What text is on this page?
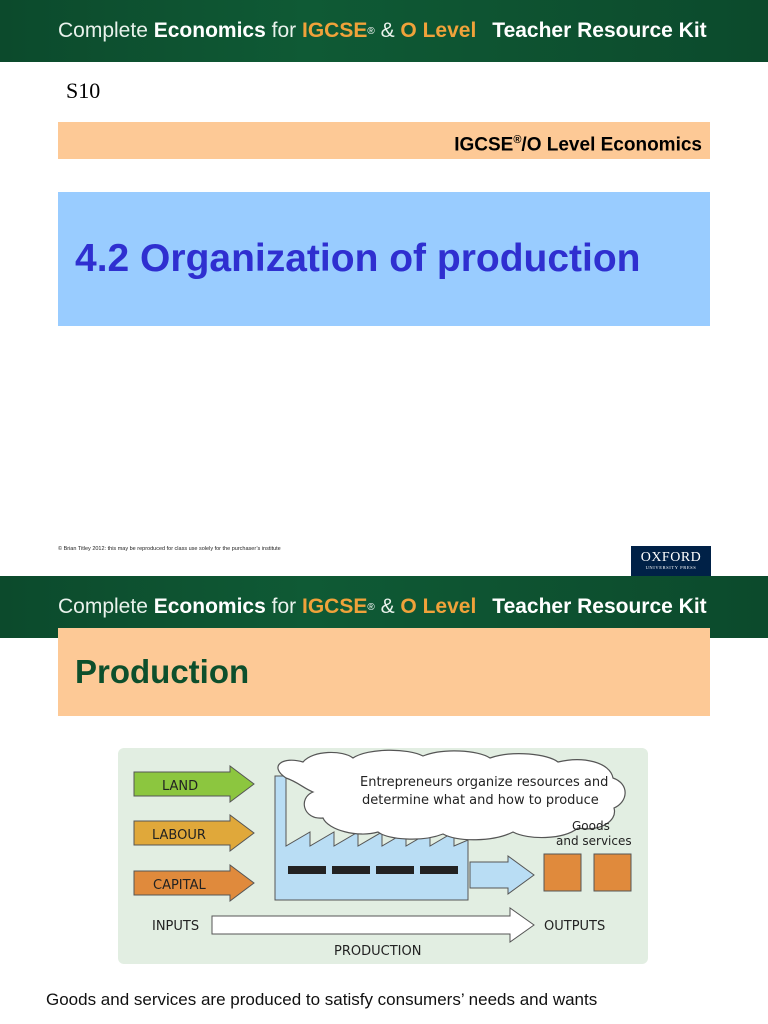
Complete
Economics
for
IGCSE ®
&
O Level Teacher Resource Kit
S10
IGCSE®/O Level Economics
4.2 Organization of production
© Brian Titley 2012: this may be reproduced for class use solely for the purchaser’s institute
OXFORD
UNIVERSITY PRESS
Complete
Economics
for
IGCSE ®
&
O Level Teacher Resource Kit
Production
LAND
LABOUR
CAPITAL
Entrepreneurs organize resources and
determine what and how to produce
Goods
and services
INPUTS	OUTPUTS
PRODUCTION
Goods and services are produced to satisfy consumers’ needs and wants
